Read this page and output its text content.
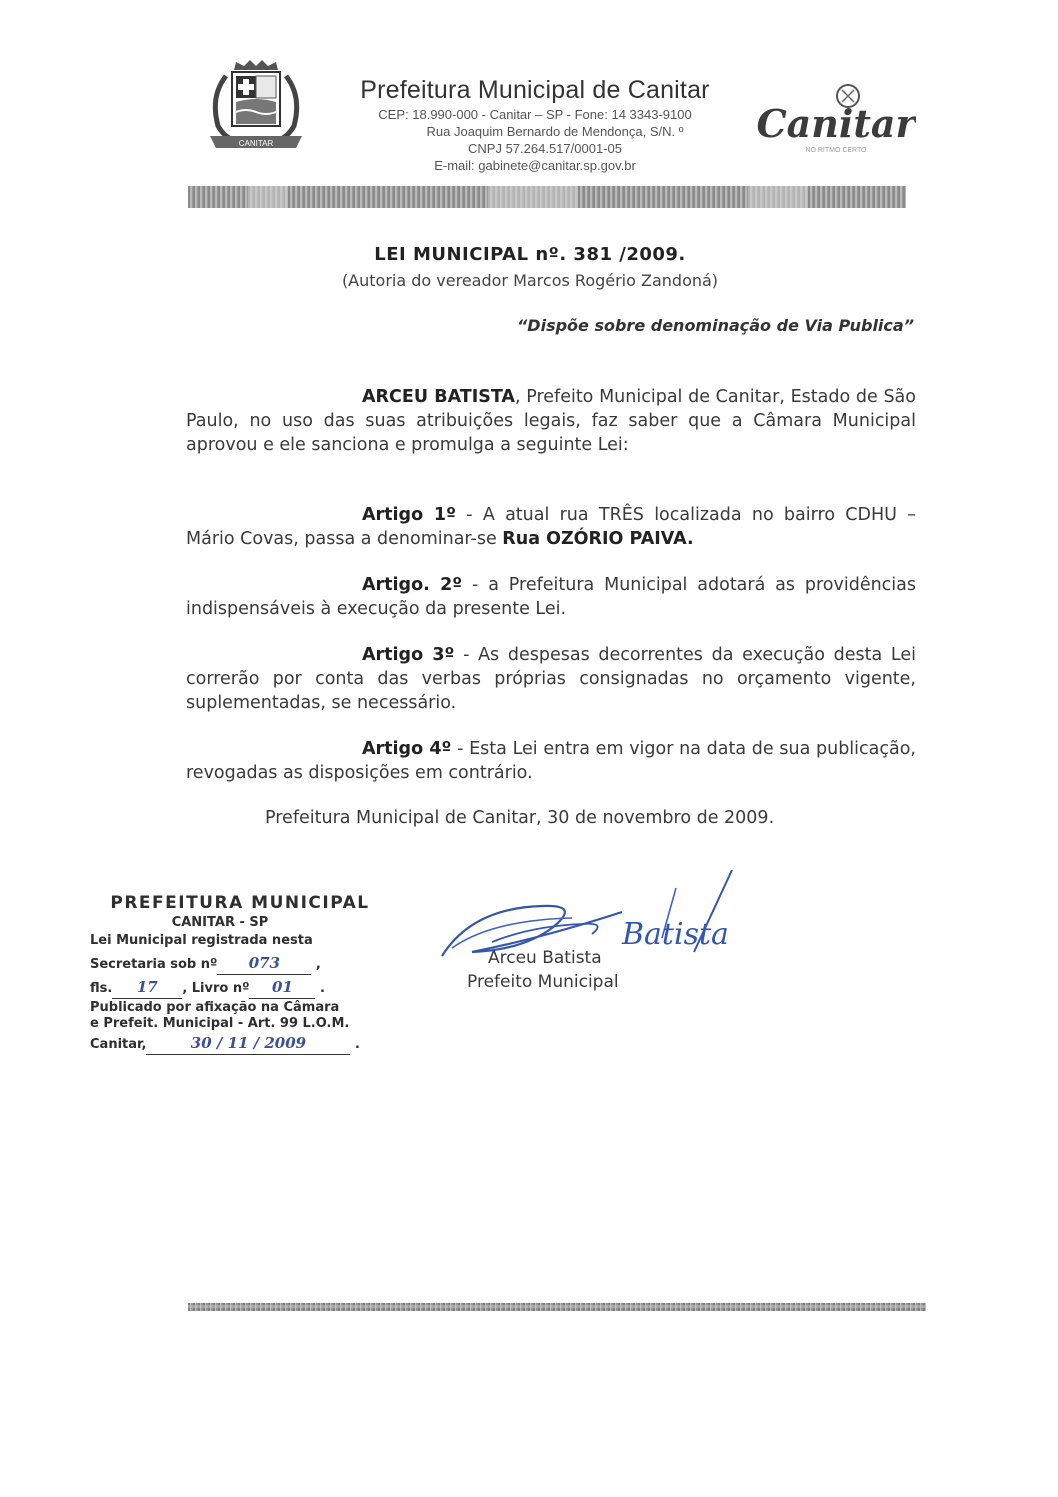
CANITAR
Prefeitura Municipal de Canitar
CEP: 18.990-000 - Canitar – SP - Fone: 14 3343-9100
Rua Joaquim Bernardo de Mendonça, S/N. º
CNPJ 57.264.517/0001-05
E-mail: gabinete@canitar.sp.gov.br
Canitar
NO RITMO CERTO
LEI MUNICIPAL nº. 381 /2009.
(Autoria do vereador Marcos Rogério Zandoná)
“Dispõe sobre denominação de Via Publica”
ARCEU BATISTA, Prefeito Municipal de Canitar, Estado de São Paulo, no uso das suas atribuições legais, faz saber que a Câmara Municipal aprovou e ele sanciona e promulga a seguinte Lei:
Artigo 1º - A atual rua TRÊS localizada no bairro CDHU – Mário Covas, passa a denominar-se Rua OZÓRIO PAIVA.
Artigo. 2º - a Prefeitura Municipal adotará as providências indispensáveis à execução da presente Lei.
Artigo 3º - As despesas decorrentes da execução desta Lei correrão por conta das verbas próprias consignadas no orçamento vigente, suplementadas, se necessário.
Artigo 4º - Esta Lei entra em vigor na data de sua publicação, revogadas as disposições em contrário.
Prefeitura Municipal de Canitar, 30 de novembro de 2009.
PREFEITURA MUNICIPAL
CANITAR - SP
Lei Municipal registrada nesta
Secretaria sob nº 073 ,
fls. 17 , Livro nº 01 .
Publicado por afixação na Câmara
e Prefeit. Municipal - Art. 99 L.O.M.
Canitar,	30 / 11 / 2009	.
Batista
Arceu Batista
Prefeito Municipal
